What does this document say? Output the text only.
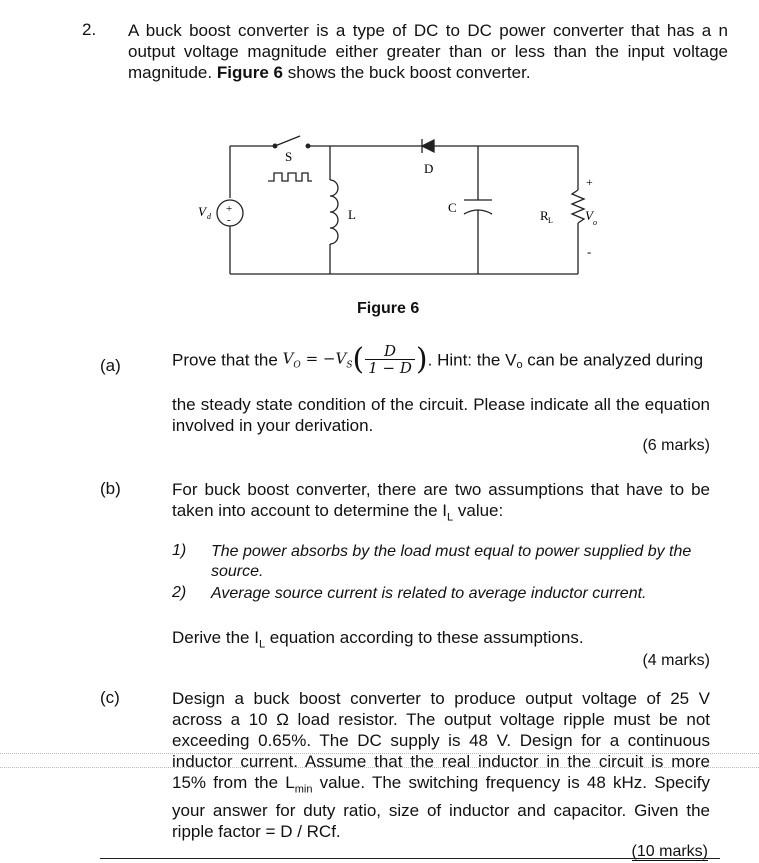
2. A buck boost converter is a type of DC to DC power converter that has a n output voltage magnitude either greater than or less than the input voltage magnitude. Figure 6 shows the buck boost converter.
+
-
S
D
V d	L	C
R L V o
+
-
Figure 6
(a)	Prove that the $V_O = -V_S( \frac{D}{1 - D}$ ). Hint: the $V_o$ can be analyzed during
the steady state condition of the circuit. Please indicate all the equation involved in your derivation.
(6 marks)
(b)	For buck boost converter, there are two assumptions that have to be taken into account to determine the $I_L$ value:
1) The power absorbs by the load must equal to power supplied by the source.
2) Average source current is related to average inductor current.
Derive the $I_L$ equation according to these assumptions.
(4 marks)
(c)	Design a buck boost converter to produce output voltage of 25 V across a 10 Ω load resistor. The output voltage ripple must be not exceeding 0.65%. The DC supply is 48 V. Design for a continuous inductor current. Assume that the real inductor in the circuit is more 15% from the $L_{min}$ value. The switching frequency is 48 kHz. Specify your answer for duty ratio, size of inductor and capacitor. Given the ripple factor = D / RCf.
(10 marks)
